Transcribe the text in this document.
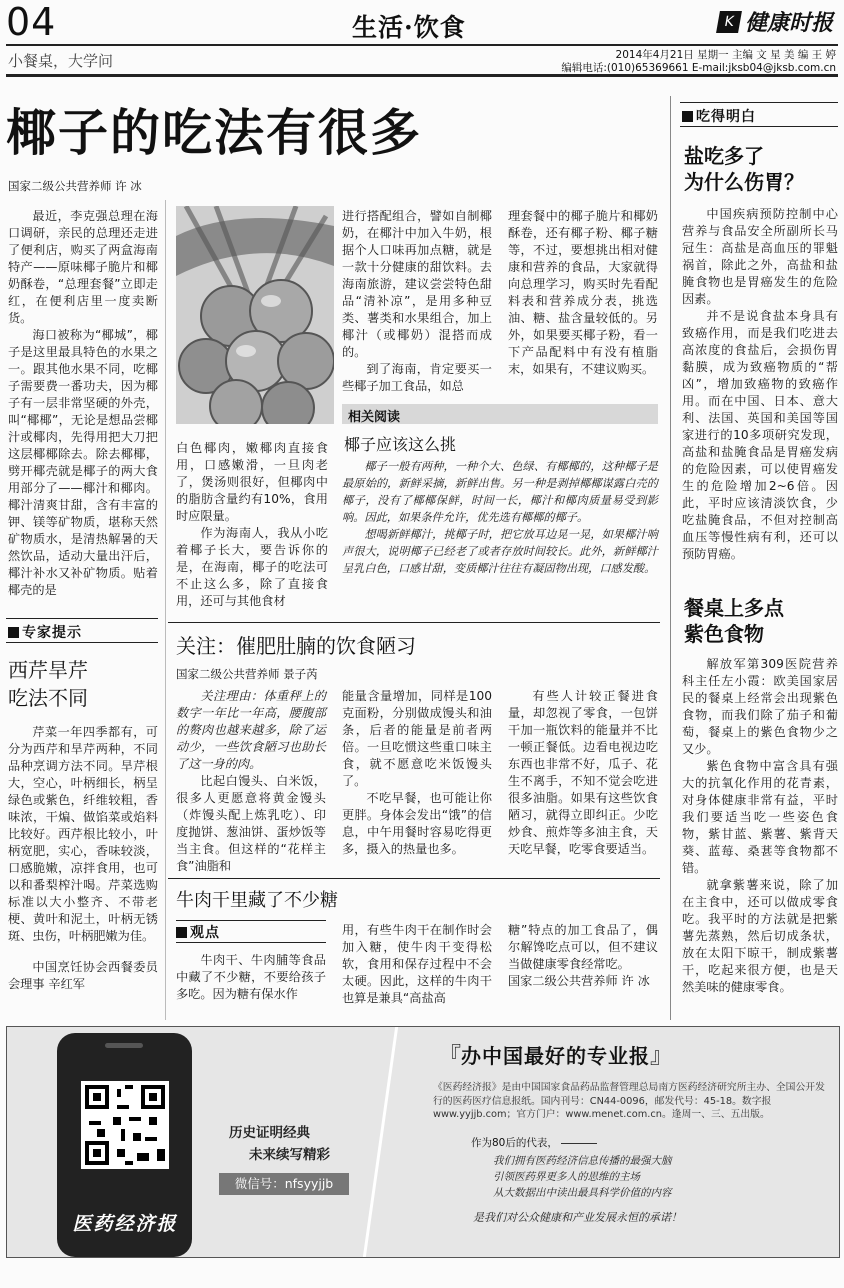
04	生活·饮食	K 健康时报
小餐桌，大学问	2014年4月21日 星期一 主编 文 星 美 编 王 婷
编辑电话:(010)65369661 E-mail:jksb04@jksb.com.cn
椰子的吃法有很多
国家二级公共营养师 许 冰

最近，李克强总理在海口调研，亲民的总理还走进了便利店，购买了两盒海南特产——原味椰子脆片和椰奶酥卷，“总理套餐”立即走红，在便利店里一度卖断货。

海口被称为“椰城”，椰子是这里最具特色的水果之一。跟其他水果不同，吃椰子需要费一番功夫，因为椰子有一层非常坚硬的外壳，叫“椰椰”，无论是想品尝椰汁或椰肉，先得用把大刀把这层椰椰除去。除去椰椰，劈开椰壳就是椰子的两大食用部分了——椰汁和椰肉。椰汁清爽甘甜，含有丰富的钾、镁等矿物质，堪称天然矿物质水，是清热解暑的天然饮品，适动大量出汗后，椰汁补水又补矿物质。贴着椰壳的是

白色椰肉，嫩椰肉直接食用，口感嫩滑，一旦肉老了，煲汤则很好，但椰肉中的脂肪含量约有10%，食用时应限量。

作为海南人，我从小吃着椰子长大，要告诉你的是，在海南，椰子的吃法可不止这么多，除了直接食用，还可与其他食材

进行搭配组合，譬如自制椰奶，在椰汁中加入牛奶，根据个人口味再加点糖，就是一款十分健康的甜饮料。去海南旅游，建议尝尝特色甜品“清补凉”，是用多种豆类、薯类和水果组合，加上椰汁（或椰奶）混搭而成的。

到了海南，肯定要买一些椰子加工食品，如总

理套餐中的椰子脆片和椰奶酥卷，还有椰子粉、椰子糖等，不过，要想挑出相对健康和营养的食品，大家就得向总理学习，购买时先看配料表和营养成分表，挑选油、糖、盐含量较低的。另外，如果要买椰子粉，看一下产品配料中有没有植脂末，如果有，不建议购买。

相关阅读
椰子应该这么挑

椰子一般有两种，一种个大、色绿、有椰椰的，这种椰子是最原始的，新鲜采摘，新鲜出售。另一种是剥掉椰椰谋露白壳的椰子，没有了椰椰保鲜，时间一长，椰汁和椰肉质量易受到影响。因此，如果条件允许，优先选有椰椰的椰子。

想喝新鲜椰汁，挑椰子时，把它放耳边晃一晃，如果椰汁响声很大，说明椰子已经老了或者存放时间较长。此外，新鲜椰汁呈乳白色，口感甘甜，变质椰汁往往有凝固物出现，口感发酸。

专家提示
西芹旱芹
吃法不同

芹菜一年四季都有，可分为西芹和旱芹两种，不同品种烹调方法不同。旱芹根大，空心，叶柄细长，柄呈绿色或紫色，纤维较粗，香味浓，干煸、做馅菜或焰料比较好。西芹根比较小，叶柄宽肥，实心，香味较淡，口感脆嫩，凉拌食用，也可以和番梨榨汁喝。芹菜选购标准以大小整齐、不带老梗、黄叶和泥土，叶柄无锈斑、虫伤，叶柄肥嫩为佳。

中国烹饪协会西餐委员会理事 辛红军

关注：催肥肚腩的饮食陋习
国家二级公共营养师 景子芮

关注理由：体重秤上的数字一年比一年高，腰腹部的赘肉也越来越多，除了运动少，一些饮食陋习也助长了这一身的肉。

比起白馒头、白米饭，很多人更愿意将黄金馒头（炸馒头配上炼乳吃）、印度抛饼、葱油饼、蛋炒饭等当主食。但这样的“花样主食”油脂和

能量含量增加，同样是100克面粉，分别做成馒头和油条，后者的能量是前者两倍。一旦吃惯这些重口味主食，就不愿意吃米饭馒头了。

不吃早餐，也可能让你更胖。身体会发出“饿”的信息，中午用餐时容易吃得更多，摄入的热量也多。

有些人计较正餐进食量，却忽视了零食，一包饼干加一瓶饮料的能量并不比一顿正餐低。边看电视边吃东西也非常不好，瓜子、花生不离手，不知不觉会吃进很多油脂。如果有这些饮食陋习，就得立即纠正。少吃炒食、煎炸等多油主食，天天吃早餐，吃零食要适当。

牛肉干里藏了不少糖
观点

牛肉干、牛肉脯等食品中藏了不少糖，不要给孩子多吃。因为糖有保水作

用，有些牛肉干在制作时会加入糖，使牛肉干变得松软，食用和保存过程中不会太硬。因此，这样的牛肉干也算是兼具“高盐高

糖”特点的加工食品了，偶尔解馋吃点可以，但不建议当做健康零食经常吃。

国家二级公共营养师 许 冰

吃得明白
盐吃多了
为什么伤胃？

中国疾病预防控制中心营养与食品安全所副所长马冠生：高盐是高血压的罪魁祸首，除此之外，高盐和盐腌食物也是胃癌发生的危险因素。

并不是说食盐本身具有致癌作用，而是我们吃进去高浓度的食盐后，会损伤胃黏膜，成为致癌物质的“帮凶”，增加致癌物的致癌作用。而在中国、日本、意大利、法国、英国和美国等国家进行的10多项研究发现，高盐和盐腌食品是胃癌发病的危险因素，可以使胃癌发生的危险增加2~6倍。因此，平时应该清淡饮食，少吃盐腌食品，不但对控制高血压等慢性病有利，还可以预防胃癌。

餐桌上多点
紫色食物

解放军第309医院营养科主任左小霞：欧美国家居民的餐桌上经常会出现紫色食物，而我们除了茄子和葡萄，餐桌上的紫色食物少之又少。

紫色食物中富含具有强大的抗氧化作用的花青素，对身体健康非常有益，平时我们要适当吃一些姿色食物，紫甘蓝、紫薯、紫背天葵、蓝莓、桑葚等食物都不错。

就拿紫薯来说，除了加在主食中，还可以做成零食吃。我平时的方法就是把紫薯先蒸熟，然后切成条状，放在太阳下晾干，制成紫薯干，吃起来很方便，也是天然美味的健康零食。

医药经济报
历史证明经典
未来续写精彩
微信号：nfsyyjjb
『办中国最好的专业报』
《医药经济报》是由中国国家食品药品监督管理总局南方医药经济研究所主办、全国公开发行的医药医疗信息报纸。国内刊号：CN44-0096，邮发代号：45-18。数字报 www.yyjjb.com；官方门户：www.menet.com.cn。逢周一、三、五出版。
作为80后的代表，
我们拥有医药经济信息传播的最强大脑
引领医药界更多人的思维的主场
从大数据出中读出最具科学价值的内容
是我们对公众健康和产业发展永恒的承诺！
